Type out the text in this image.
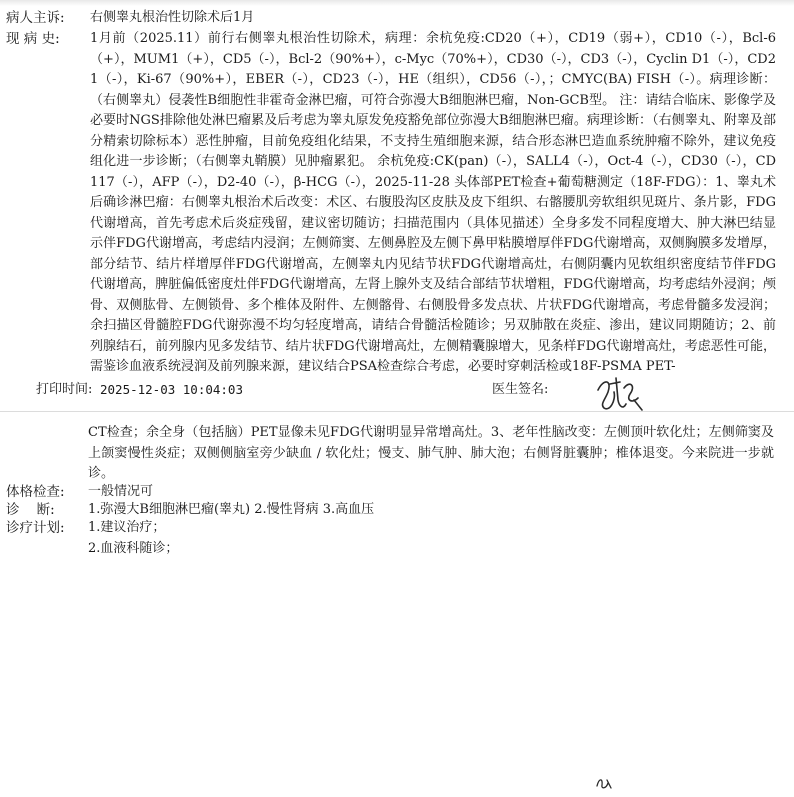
病人主诉:	右侧睾丸根治性切除术后1月
现 病 史:	1月前（2025.11）前行右侧睾丸根治性切除术，病理：余杭免疫:CD20（+），CD19（弱+），CD10（-），Bcl-6（+），MUM1（+），CD5（-），Bcl-2（90%+），c-Myc（70%+），CD30（-），CD3（-），Cyclin D1（-），CD21（-），Ki-67（90%+），EBER（-），CD23（-），HE（组织），CD56（-），；CMYC(BA) FISH（-）。病理诊断：（右侧睾丸）侵袭性B细胞性非霍奇金淋巴瘤，可符合弥漫大B细胞淋巴瘤，Non-GCB型。 注：请结合临床、影像学及必要时NGS排除他处淋巴瘤累及后考虑为睾丸原发免疫豁免部位弥漫大B细胞淋巴瘤。病理诊断：（右侧睾丸、附睾及部分精索切除标本）恶性肿瘤，目前免疫组化结果，不支持生殖细胞来源，结合形态淋巴造血系统肿瘤不除外，建议免疫组化进一步诊断；（右侧睾丸鞘膜）见肿瘤累犯。 余杭免疫:CK(pan)（-），SALL4（-），Oct-4（-），CD30（-），CD117（-），AFP（-），D2-40（-），β-HCG（-），2025-11-28 头体部PET检查+葡萄糖测定（18F-FDG）：1、睾丸术后确诊淋巴瘤：右侧睾丸根治术后改变：术区、右腹股沟区皮肤及皮下组织、右髂腰肌旁软组织见斑片、条片影，FDG代谢增高，首先考虑术后炎症残留，建议密切随访；扫描范围内（具体见描述）全身多发不同程度增大、肿大淋巴结显示伴FDG代谢增高，考虑结内浸润；左侧筛窦、左侧鼻腔及左侧下鼻甲粘膜增厚伴FDG代谢增高，双侧胸膜多发增厚，部分结节、结片样增厚伴FDG代谢增高，左侧睾丸内见结节状FDG代谢增高灶，右侧阴囊内见软组织密度结节伴FDG代谢增高，脾脏偏低密度灶伴FDG代谢增高，左肾上腺外支及结合部结节状增粗，FDG代谢增高，均考虑结外浸润；颅骨、双侧肱骨、左侧锁骨、多个椎体及附件、左侧髂骨、右侧股骨多发点状、片状FDG代谢增高，考虑骨髓多发浸润；余扫描区骨髓腔FDG代谢弥漫不均匀轻度增高，请结合骨髓活检随诊；另双肺散在炎症、渗出，建议同期随访；2、前列腺结石，前列腺内见多发结节、结片状FDG代谢增高灶，左侧精囊腺增大，见条样FDG代谢增高灶，考虑恶性可能，需鉴诊血液系统浸润及前列腺来源，建议结合PSA检查综合考虑，必要时穿刺活检或18F-PSMA PET-
打印时间: 2025-12-03 10:04:03	医生签名:
CT检查；余全身（包括脑）PET显像未见FDG代谢明显异常增高灶。3、老年性脑改变：左侧顶叶软化灶；左侧筛窦及上颌窦慢性炎症；双侧侧脑室旁少缺血 / 软化灶；慢支、肺气肿、肺大泡；右侧肾脏囊肿；椎体退变。今来院进一步就诊。
体格检查:	一般情况可
诊    断:	1.弥漫大B细胞淋巴瘤(睾丸) 2.慢性肾病 3.高血压
诊疗计划:	1.建议治疗；
2.血液科随诊；
